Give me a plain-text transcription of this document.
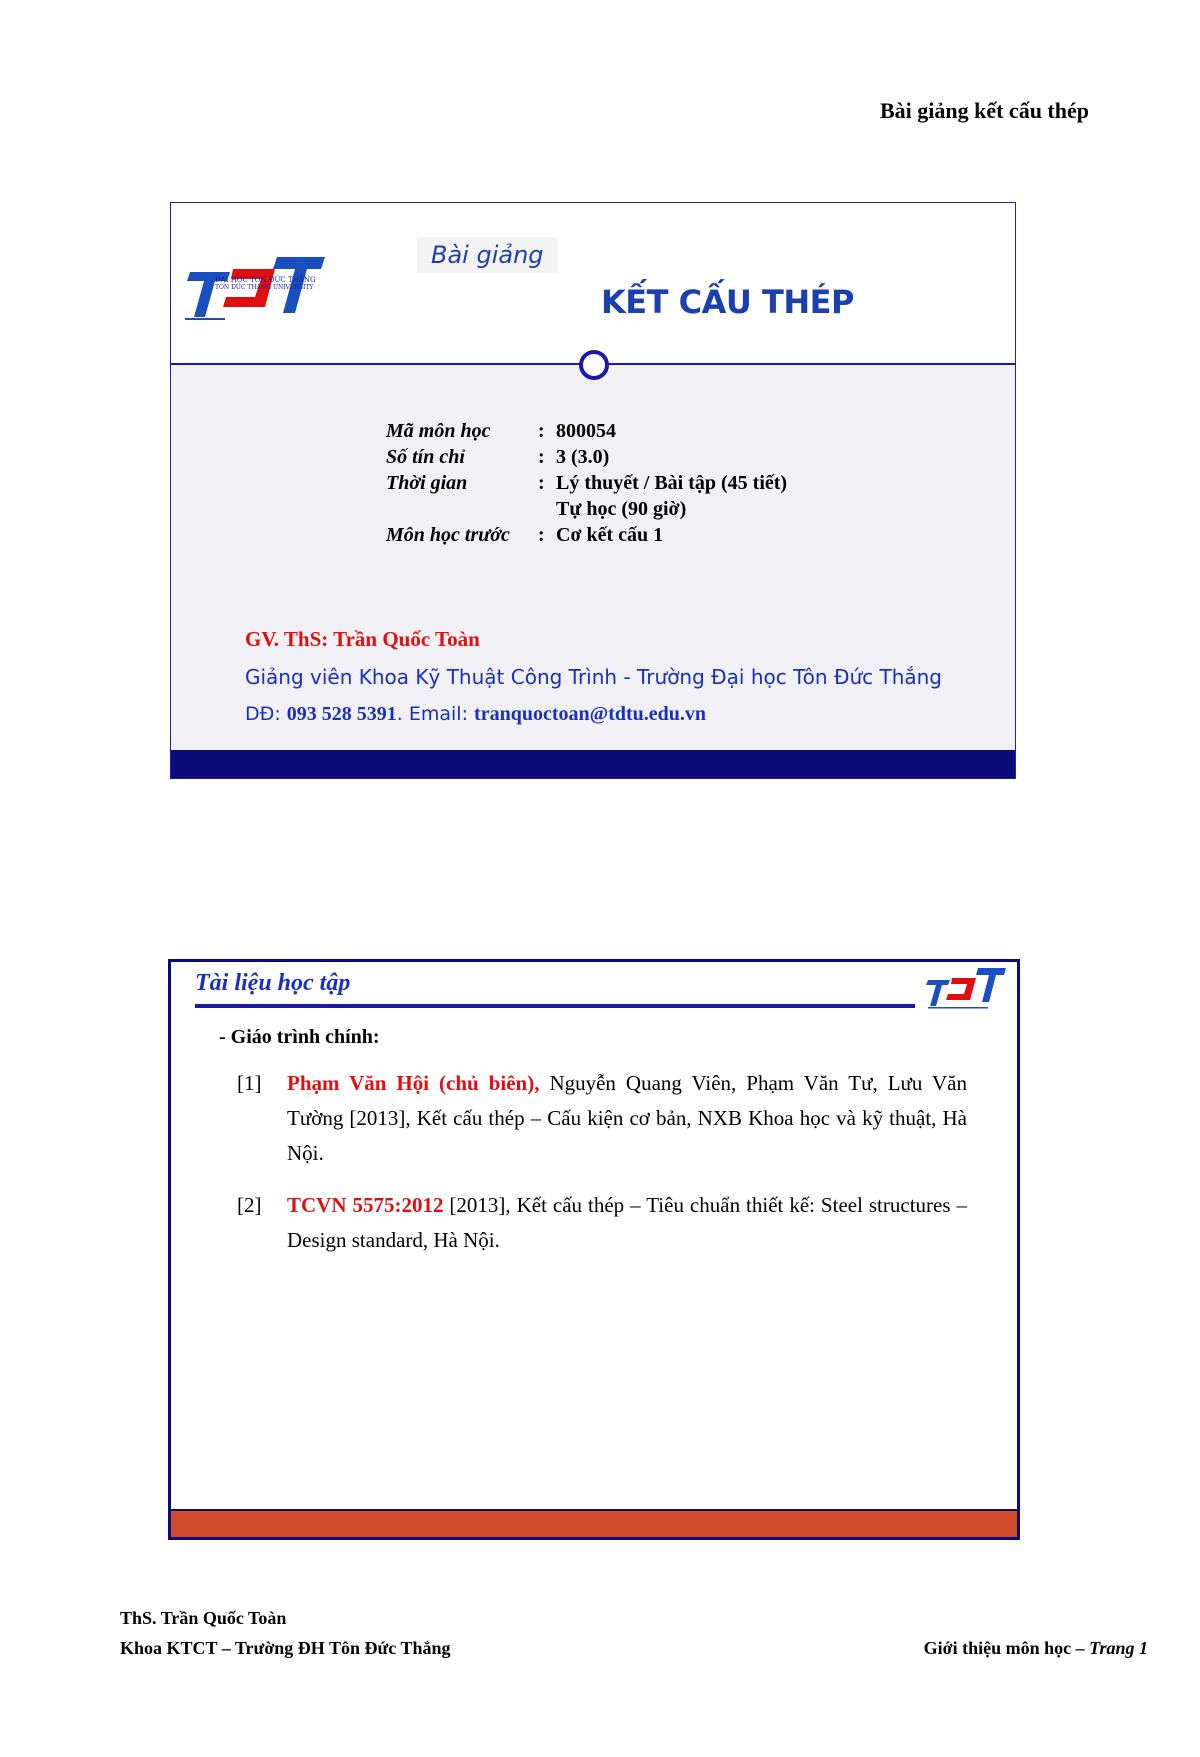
Bài giảng kết cấu thép
ĐẠI HỌC TÔN ĐỨC THẮNG
TON DUC THANG UNIVERSITY
Bài giảng
KẾT CẤU THÉP
Mã môn học	:	800054
Số tín chỉ	:	3 (3.0)
Thời gian	:	Lý thuyết / Bài tập (45 tiết)
		Tự học (90 giờ)
Môn học trước	:	Cơ kết cấu 1
GV. ThS: Trần Quốc Toàn
Giảng viên Khoa Kỹ Thuật Công Trình - Trường Đại học Tôn Đức Thắng
DĐ: 093 528 5391. Email: tranquoctoan@tdtu.edu.vn
Tài liệu học tập
- Giáo trình chính:
[1] Phạm Văn Hội (chủ biên), Nguyễn Quang Viên, Phạm Văn Tư, Lưu Văn Tường [2013], Kết cấu thép – Cấu kiện cơ bản, NXB Khoa học và kỹ thuật, Hà Nội.
[2] TCVN 5575:2012 [2013], Kết cấu thép – Tiêu chuẩn thiết kế: Steel structures – Design standard, Hà Nội.
ThS. Trần Quốc Toàn
Khoa KTCT – Trường ĐH Tôn Đức Thắng	Giới thiệu môn học – Trang 1
